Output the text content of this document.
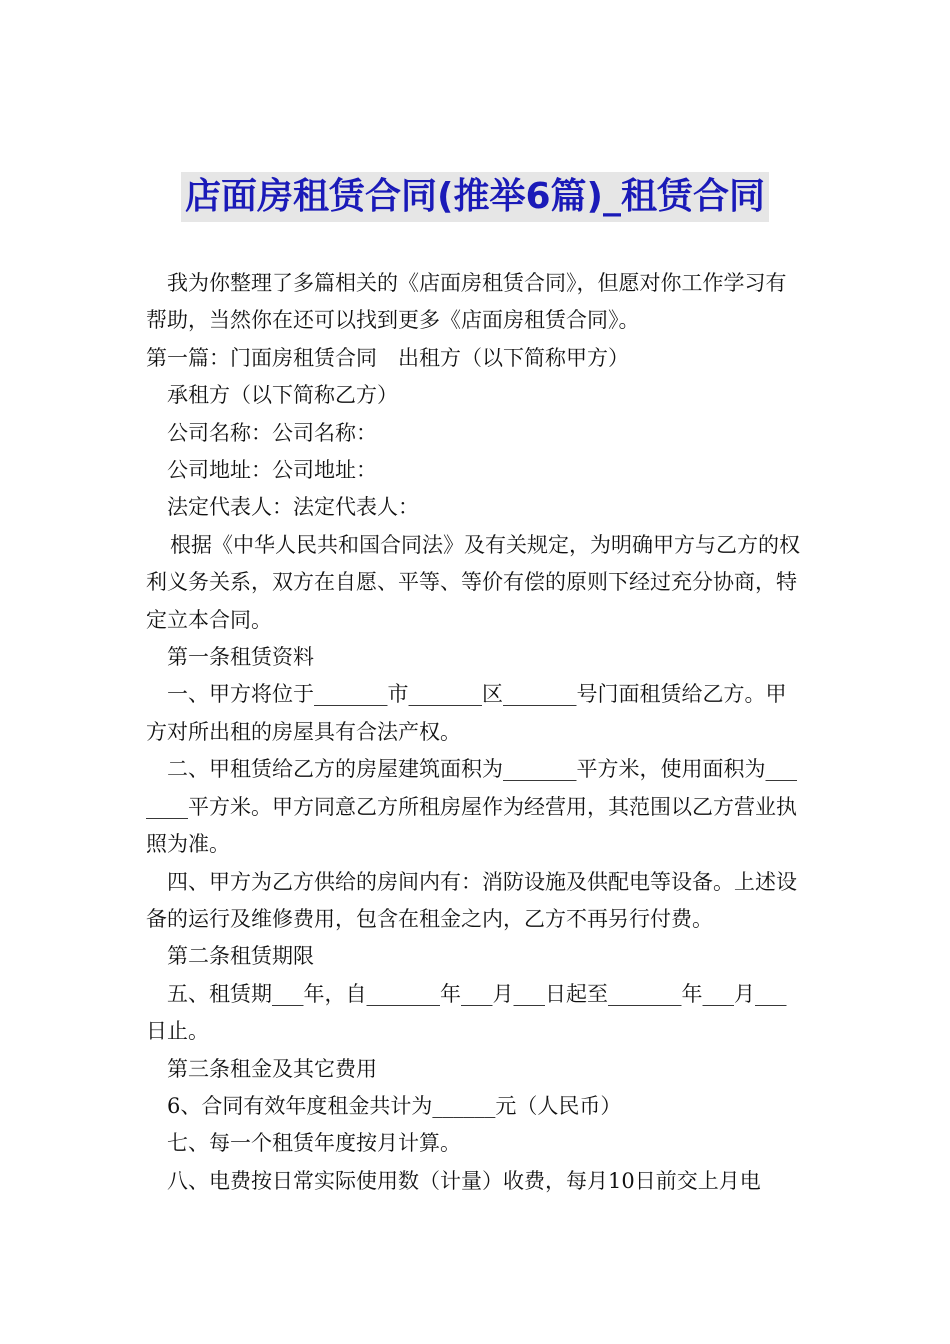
店面房租赁合同(推举6篇)_租赁合同

我为你整理了多篇相关的《店面房租赁合同》，但愿对你工作学习有帮助，当然你在还可以找到更多《店面房租赁合同》。

第一篇：门面房租赁合同　出租方（以下简称甲方）

承租方（以下简称乙方）

公司名称：公司名称：

公司地址：公司地址：

法定代表人：法定代表人：

根据《中华人民共和国合同法》及有关规定，为明确甲方与乙方的权利义务关系，双方在自愿、平等、等价有偿的原则下经过充分协商，特定立本合同。

第一条租赁资料

一、甲方将位于_______市_______区_______号门面租赁给乙方。甲方对所出租的房屋具有合法产权。

二、甲租赁给乙方的房屋建筑面积为_______平方米，使用面积为_______平方米。甲方同意乙方所租房屋作为经营用，其范围以乙方营业执照为准。

四、甲方为乙方供给的房间内有：消防设施及供配电等设备。上述设备的运行及维修费用，包含在租金之内，乙方不再另行付费。

第二条租赁期限

五、租赁期___年，自_______年___月___日起至_______年___月___日止。

第三条租金及其它费用

6、合同有效年度租金共计为______元（人民币）

七、每一个租赁年度按月计算。

八、电费按日常实际使用数（计量）收费，每月10日前交上月电
